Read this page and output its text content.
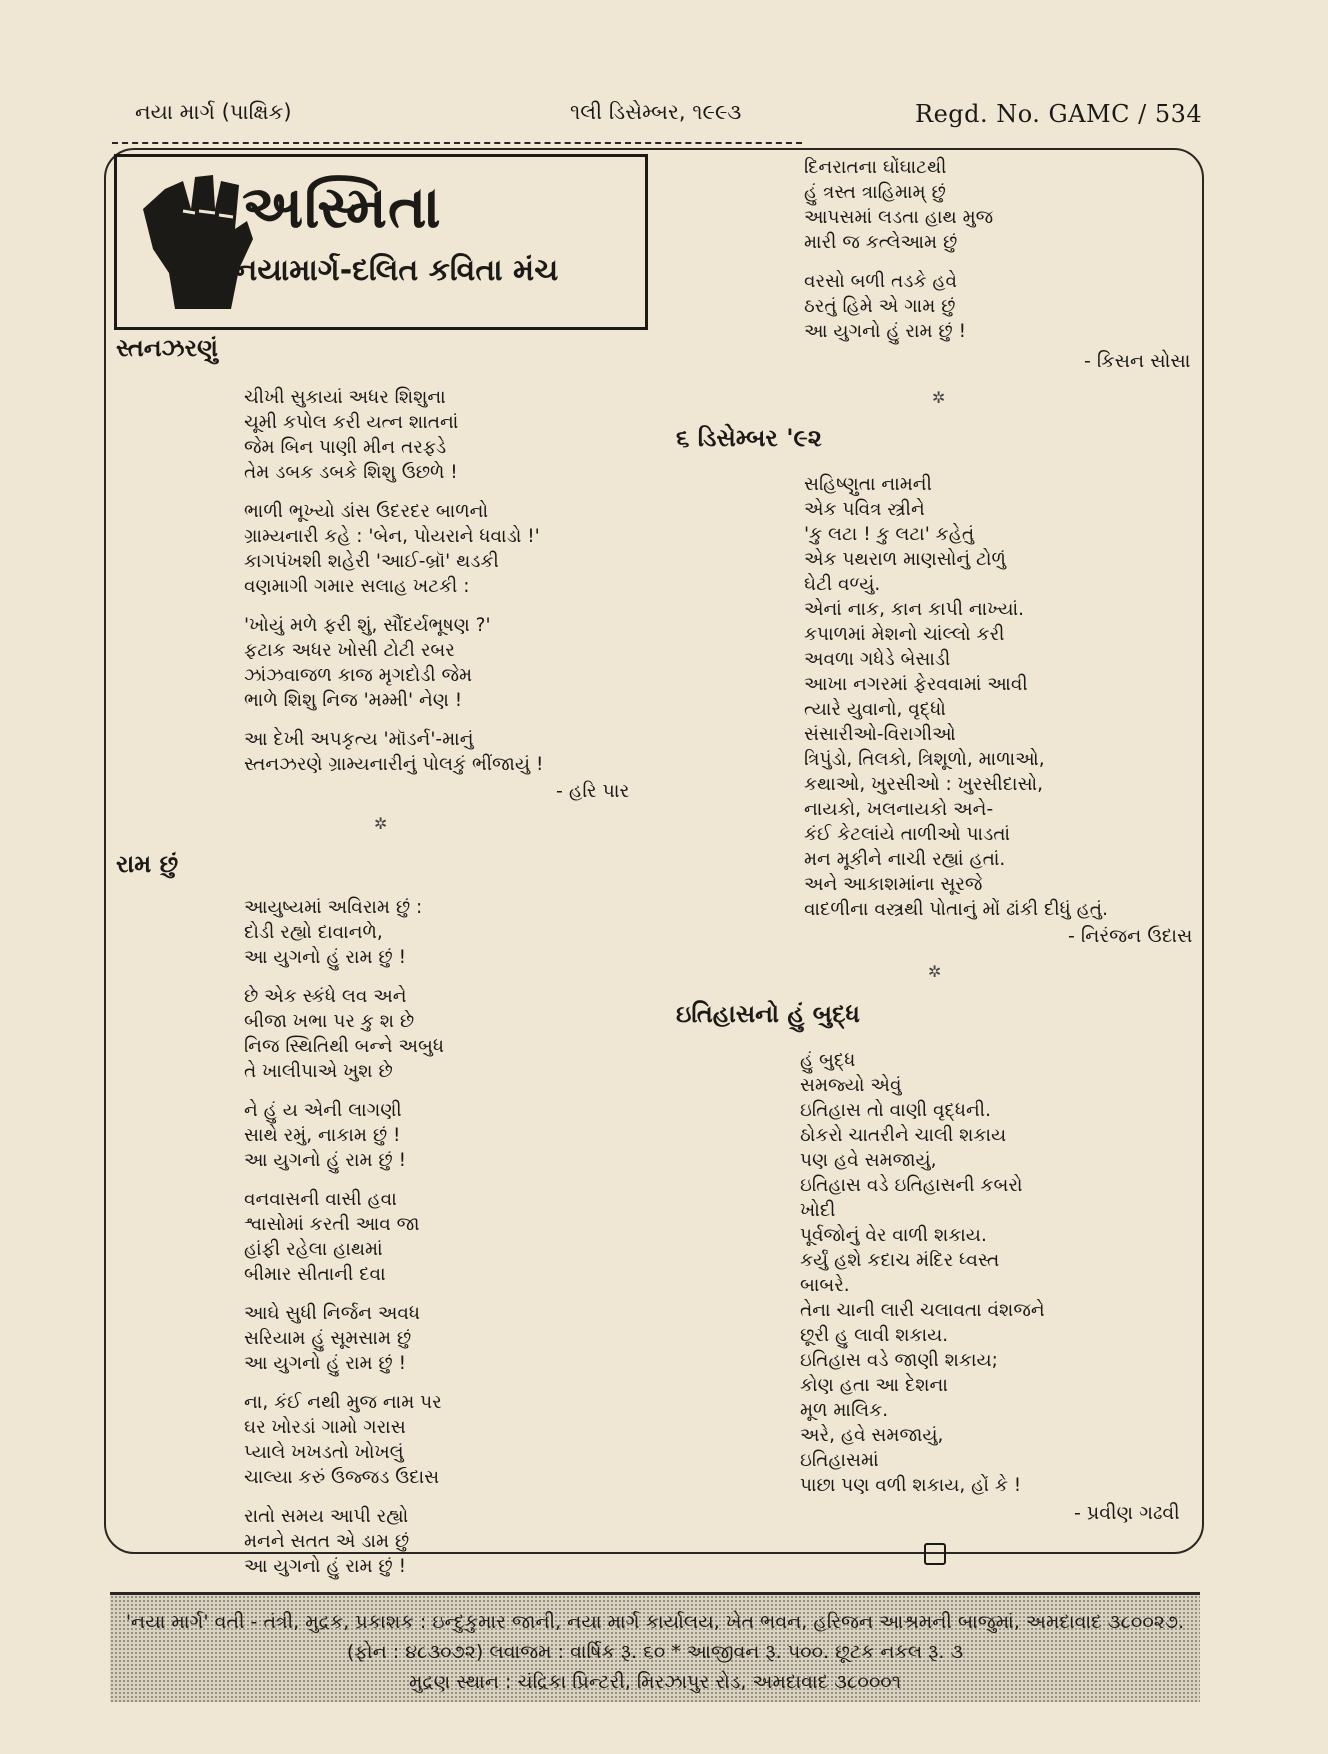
નયા માર્ગ (પાક્ષિક)	૧લી ડિસેમ્બર, ૧૯૯૩	Regd. No. GAMC / 534
અસ્મિતા
નયામાર્ગ-દલિત કવિતા મંચ
સ્તનઝરણું
ચીખી સુકાયાં અધર શિશુના
ચૂમી કપોલ કરી યત્ન શાતનાં
જેમ બિન પાણી મીન તરફડે
તેમ ડબક ડબકે શિશુ ઉછળે !
ભાળી ભૂખ્યો ડાંસ ઉદરદર બાળનો
ગ્રામ્યનારી કહે : 'બેન, પોયરાને ધવાડો !'
કાગપંખશી શહેરી 'આઈ-બ્રૉ' થડકી
વણમાગી ગમાર સલાહ ખટકી :
'ખોયું મળે ફરી શું, સૌંદર્યભૂષણ ?'
ફટાક અધર ખોસી ટોટી રબર
ઝાંઝવાજળ કાજ મૃગદોડી જેમ
ભાળે શિશુ નિજ 'મમ્મી' નેણ !
આ દેખી અપકૃત્ય 'મૉડર્ન'-માનું
સ્તનઝરણે ગ્રામ્યનારીનું પોલકું ભીંજાયું !
- હરિ પાર
✲
રામ છું
આયુષ્યમાં અવિરામ છું :
દોડી રહ્યો દાવાનળે,
આ યુગનો હું રામ છું !
છે એક સ્કંધે લવ અને
બીજા ખભા પર કુ શ છે
નિજ સ્થિતિથી બન્ને અબુધ
તે ખાલીપાએ ખુશ છે
ને હું ય એની લાગણી
સાથે રમું, નાકામ છું !
આ યુગનો હું રામ છું !
વનવાસની વાસી હવા
શ્વાસોમાં કરતી આવ જા
હાંફી રહેલા હાથમાં
બીમાર સીતાની દવા
આઘે સુધી નિર્જન અવધ
સરિયામ હું સૂમસામ છું
આ યુગનો હું રામ છું !
ના, કંઈ નથી મુજ નામ પર
ઘર ખોરડાં ગામો ગરાસ
પ્યાલે ખખડતો ખોખલું
ચાલ્યા કરું ઉજ્જડ ઉદાસ
રાતો સમય આપી રહ્યો
મનને સતત એ ડામ છું
આ યુગનો હું રામ છું !
દિનરાતના ઘોંઘાટથી
હું ત્રસ્ત ત્રાહિમામ્ છું
આપસમાં લડતા હાથ મુજ
મારી જ કત્લેઆમ છું
વરસો બળી તડકે હવે
ઠરતું હિમે એ ગામ છું
આ યુગનો હું રામ છું !
- કિસન સોસા
✲
૬ ડિસેમ્બર '૯૨
સહિષ્ણુતા નામની
એક પવિત્ર સ્ત્રીને
'કુ લટા ! કુ લટા' કહેતું
એક પથરાળ માણસોનું ટોળું
ઘેટી વળ્યું.
એનાં નાક, કાન કાપી નાખ્યાં.
કપાળમાં મેશનો ચાંલ્લો કરી
અવળા ગધેડે બેસાડી
આખા નગરમાં ફેરવવામાં આવી
ત્યારે યુવાનો, વૃદ્ધો
સંસારીઓ-વિરાગીઓ
ત્રિપુંડો, તિલકો, ત્રિશૂળો, માળાઓ,
કથાઓ, ખુરસીઓ : ખુરસીદાસો,
નાયકો, ખલનાયકો અને-
કંઈ કેટલાંયે તાળીઓ પાડતાં
મન મૂકીને નાચી રહ્યાં હતાં.
અને આકાશમાંના સૂરજે
વાદળીના વસ્ત્રથી પોતાનું મોં ઢાંકી દીધું હતું.
- નિરંજન ઉદાસ
✲
ઇતિહાસનો હું બુદ્ધ
હું બુદ્ધ
સમજ્યો એવું
ઇતિહાસ તો વાણી વૃદ્ધની.
ઠોકરો ચાતરીને ચાલી શકાય
પણ હવે સમજાયું,
ઇતિહાસ વડે ઇતિહાસની કબરો
ખોદી
પૂર્વજોનું વેર વાળી શકાય.
કર્યું હશે કદાચ મંદિર ધ્વસ્ત
બાબરે.
તેના ચાની લારી ચલાવતા વંશજને
છૂરી હુ લાવી શકાય.
ઇતિહાસ વડે જાણી શકાય;
કોણ હતા આ દેશના
મૂળ માલિક.
અરે, હવે સમજાયું,
ઇતિહાસમાં
પાછા પણ વળી શકાય, હોં કે !
- પ્રવીણ ગઢવી
'નયા માર્ગ' વતી - તંત્રી, મુદ્રક, પ્રકાશક : ઇન્દુકુમાર જાની, નયા માર્ગ કાર્યાલય, ખેત ભવન, હરિજન આશ્રમની બાજુમાં, અમદાવાદ ૩૮૦૦૨૭.
(ફોન : ૪૮૩૦૭૨) લવાજમ : વાર્ષિક રૂ. ૬૦ * આજીવન રૂ. ૫૦૦. છૂટક નકલ રૂ. ૩
મુદ્રણ સ્થાન : ચંદ્રિકા પ્રિન્ટરી, મિરઝાપુર રોડ, અમદાવાદ ૩૮૦૦૦૧
